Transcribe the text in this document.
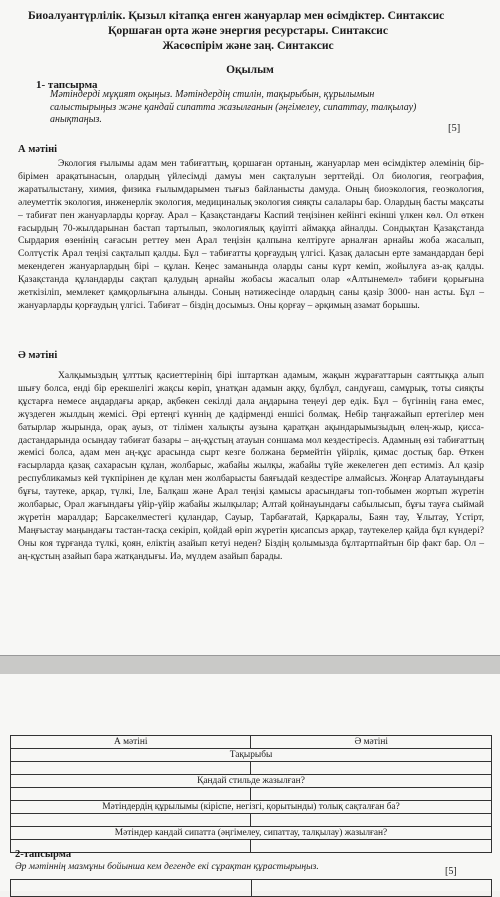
Биоалуантүрлілік. Қызыл кітапқа енген жануарлар мен өсімдіктер. Синтаксис
Қоршаған орта және энергия ресурстары. Синтаксис
Жасөспірім және заң. Синтаксис
Оқылым
1- тапсырма
Мәтіндерді мұқият оқыңыз. Мәтіндердің стилін, тақырыбын, құрылымын салыстырыңыз және қандай сипатта жазылғанын (әңгімелеу, сипаттау, талқылау) анықтаңыз.
[5]
А мәтіні
Экология ғылымы адам мен табиғаттың, қоршаған ортаның, жануарлар мен өсімдіктер әлемінің бір-бірімен арақатынасын, олардың үйлесімді дамуы мен сақталуын зерттейді. Ол биология, география, жаратылыстану, химия, физика ғылымдарымен тығыз байланысты дамуда. Оның биоэкология, геоэкология, әлеуметтік экология, инженерлік экология, медициналық экология сияқты салалары бар. Олардың басты мақсаты – табиғат пен жануарларды қорғау. Арал – Қазақстандағы Каспий теңізінен кейінгі екінші үлкен көл. Ол өткен ғасырдың 70-жылдарынан бастап тартылып, экологиялық қауіпті аймаққа айналды. Сондықтан Қазақстанда Сырдария өзенінің сағасын реттеу мен Арал теңізін қалпына келтіруге арналған арнайы жоба жасалып, Солтүстік Арал теңізі сақталып қалды. Бұл – табиғатты қорғаудың үлгісі. Қазақ даласын ерте замандардан бері мекендеген жануарлардың бірі – құлан. Кеңес заманында оларды саны күрт кеміп, жойылуға аз-ақ қалды. Қазақстанда құландарды сақтап қалудың арнайы жобасы жасалып олар «Алтынемел» табиғи қорығына жеткізіліп, мемлекет қамқорлығына алынды. Соның нәтижесінде олардың саны қазір 3000- нан асты. Бұл – жануарларды қорғаудың үлгісі. Табиғат – біздің досымыз. Оны қорғау – әрқимың азамат борышы.
Ә мәтіні
Халқымыздың ұлттық қасиеттерінің бірі іштарткан адамым, жақын жұрағаттарын саяттыққа алып шығу болса, енді бір ерекшелігі жақсы көріп, ұнатқан адамын аққу, бұлбұл, сандуғаш, самұрық, тоты сияқты құстарға немесе аңдардағы арқар, ақбөкен секілді дала аңдарына теңеуі дер едік. Бұл – бүгіннің ғана емес, жүздеген жылдың жемісі. Әрі ертеңгі күннің де қадірменді еншісі болмақ. Небір таңғажайып ертегілер мен батырлар жырында, орақ ауыз, от тілімен халықты аузына қаратқан ақындарымызыдың өлең-жыр, қисса-дастандарында осындау табиғат базары – аң-құстың атауын соншама мол кездестіресіз. Адамның өзі табиғаттың жемісі болса, адам мен аң-құс арасында сырт кезге болжана бермейтін үйірлік, қимас достық бар. Өткен ғасырларда қазақ сахарасын құлан, жолбарыс, жабайы жылқы, жабайы түйе жекелеген деп естиміз. Ал қазір республикамыз кей түкпірінен де құлан мен жолбарысты баяғыдай кездестіре алмайсыз. Жоңғар Алатауындағы бұғы, таутеке, арқар, түлкі, Іле, Балқаш және Арал теңізі қамысы арасындағы топ-тобымен жортып жүретін жолбарыс, Орал жағындағы үйір-үйір жабайы жылқылар; Алтай қойнауындағы сабылысып, бұғы тауға сыймай жүретін маралдар; Барсакелместегі құландар, Сауыр, Тарбағатай, Қарқаралы, Баян тау, Ұлытау, Үстірт, Маңғыстау маңындағы тастан-тасқа секіріп, қойдай өріп жүретін қисапсыз арқар, таутекелер қайда бұл күндері? Оны коя тұрғанда түлкі, қоян, еліктің азайып кетуі неден? Біздің қолымызда бұлтартпайтын бір факт бар. Ол – аң-құстың азайып бара жатқандығы. Иә, мүлдем азайып барады.
А мәтіні	Ә мәтіні
Тақырыбы	

Қандай стильде жазылған?	

Мәтіндердің құрылымы (кіріспе, негізгі, қорытынды) толық сақталған ба?	

Мәтіндер кандай сипатта (әңгімелеу, сипаттау, талқылау) жазылған?	

2-тапсырма
Әр мәтіннің мазмұны бойынша кем дегенде екі сұрақтан құрастырыңыз.	[5]
